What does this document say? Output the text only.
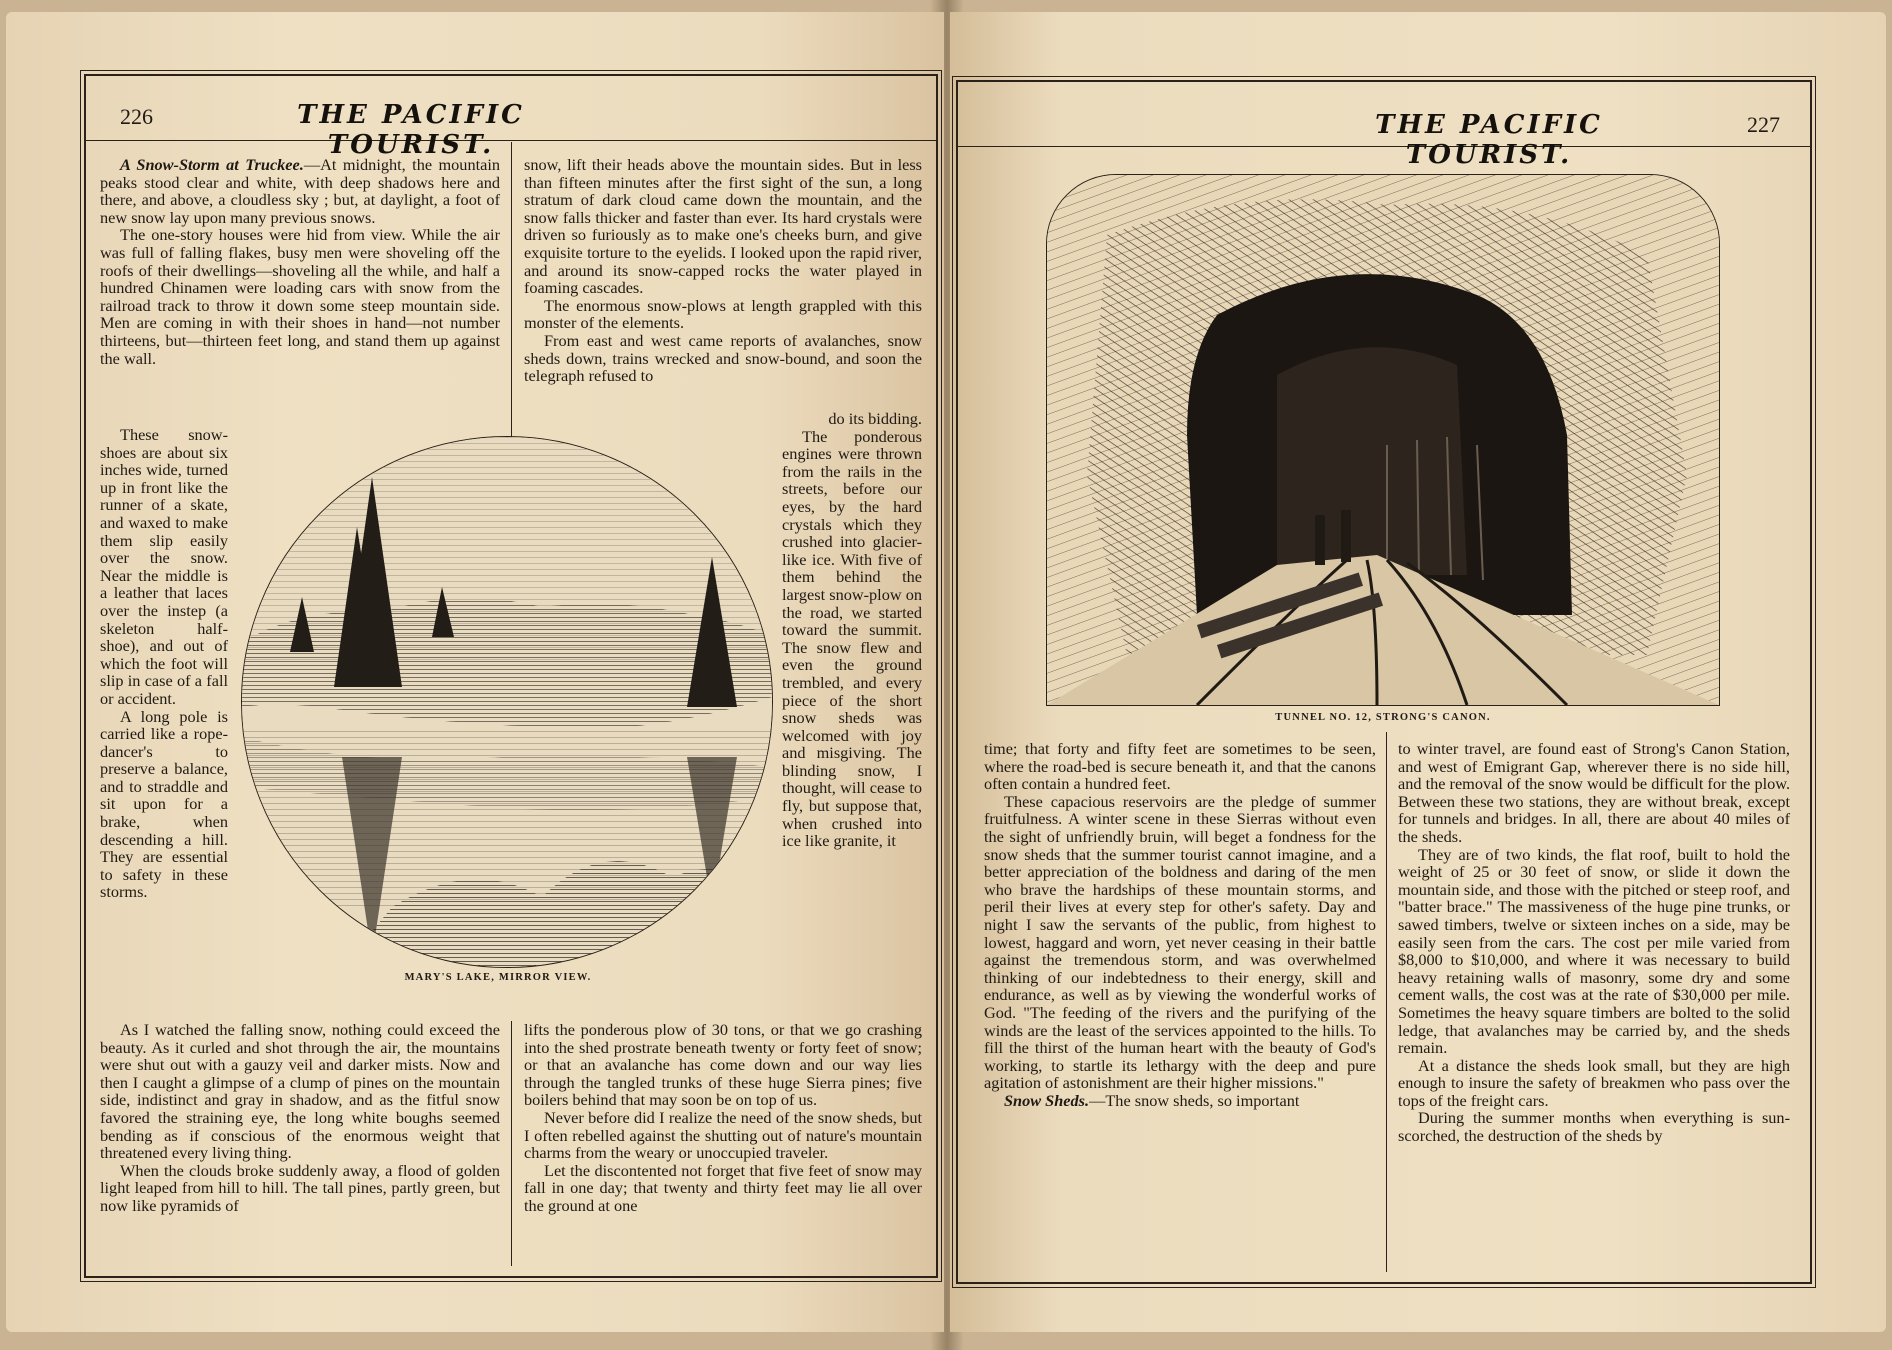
226	THE PACIFIC TOURIST.

A Snow-Storm at Truckee.—At midnight, the mountain peaks stood clear and white, with deep shadows here and there, and above, a cloudless sky ; but, at daylight, a foot of new snow lay upon many previous snows.

The one-story houses were hid from view. While the air was full of falling flakes, busy men were shoveling off the roofs of their dwellings—shoveling all the while, and half a hundred Chinamen were loading cars with snow from the railroad track to throw it down some steep mountain side. Men are coming in with their shoes in hand—not number thirteens, but—thirteen feet long, and stand them up against the wall.

These snow-shoes are about six inches wide, turned up in front like the runner of a skate, and waxed to make them slip easily over the snow. Near the middle is a leather that laces over the instep (a skeleton half-shoe), and out of which the foot will slip in case of a fall or accident.

A long pole is carried like a rope-dancer's to preserve a balance, and to straddle and sit upon for a brake, when descending a hill. They are essential to safety in these storms.

As I watched the falling snow, nothing could exceed the beauty. As it curled and shot through the air, the mountains were shut out with a gauzy veil and darker mists. Now and then I caught a glimpse of a clump of pines on the mountain side, indistinct and gray in shadow, and as the fitful snow favored the straining eye, the long white boughs seemed bending as if conscious of the enormous weight that threatened every living thing.

When the clouds broke suddenly away, a flood of golden light leaped from hill to hill. The tall pines, partly green, but now like pyramids of

snow, lift their heads above the mountain sides. But in less than fifteen minutes after the first sight of the sun, a long stratum of dark cloud came down the mountain, and the snow falls thicker and faster than ever. Its hard crystals were driven so furiously as to make one's cheeks burn, and give exquisite torture to the eyelids. I looked upon the rapid river, and around its snow-capped rocks the water played in foaming cascades.

The enormous snow-plows at length grappled with this monster of the elements.

From east and west came reports of avalanches, snow sheds down, trains wrecked and snow-bound, and soon the telegraph refused to

do its bidding.

The ponderous engines were thrown from the rails in the streets, before our eyes, by the hard crystals which they crushed into glacier-like ice. With five of them behind the largest snow-plow on the road, we started toward the summit. The snow flew and even the ground trembled, and every piece of the short snow sheds was welcomed with joy and misgiving. The blinding snow, I thought, will cease to fly, but suppose that, when crushed into ice like granite, it

lifts the ponderous plow of 30 tons, or that we go crashing into the shed prostrate beneath twenty or forty feet of snow; or that an avalanche has come down and our way lies through the tangled trunks of these huge Sierra pines; five boilers behind that may soon be on top of us.

Never before did I realize the need of the snow sheds, but I often rebelled against the shutting out of nature's mountain charms from the weary or unoccupied traveler.

Let the discontented not forget that five feet of snow may fall in one day; that twenty and thirty feet may lie all over the ground at one

MARY'S LAKE, MIRROR VIEW.
THE PACIFIC TOURIST.
227
TUNNEL NO. 12, STRONG'S CANON.

time; that forty and fifty feet are sometimes to be seen, where the road-bed is secure beneath it, and that the canons often contain a hundred feet.

These capacious reservoirs are the pledge of summer fruitfulness. A winter scene in these Sierras without even the sight of unfriendly bruin, will beget a fondness for the snow sheds that the summer tourist cannot imagine, and a better appreciation of the boldness and daring of the men who brave the hardships of these mountain storms, and peril their lives at every step for other's safety. Day and night I saw the servants of the public, from highest to lowest, haggard and worn, yet never ceasing in their battle against the tremendous storm, and was overwhelmed thinking of our indebtedness to their energy, skill and endurance, as well as by viewing the wonderful works of God. "The feeding of the rivers and the purifying of the winds are the least of the services appointed to the hills. To fill the thirst of the human heart with the beauty of God's working, to startle its lethargy with the deep and pure agitation of astonishment are their higher missions."

Snow Sheds.—The snow sheds, so important

to winter travel, are found east of Strong's Canon Station, and west of Emigrant Gap, wherever there is no side hill, and the removal of the snow would be difficult for the plow. Between these two stations, they are without break, except for tunnels and bridges. In all, there are about 40 miles of the sheds.

They are of two kinds, the flat roof, built to hold the weight of 25 or 30 feet of snow, or slide it down the mountain side, and those with the pitched or steep roof, and "batter brace." The massiveness of the huge pine trunks, or sawed timbers, twelve or sixteen inches on a side, may be easily seen from the cars. The cost per mile varied from $8,000 to $10,000, and where it was necessary to build heavy retaining walls of masonry, some dry and some cement walls, the cost was at the rate of $30,000 per mile. Sometimes the heavy square timbers are bolted to the solid ledge, that avalanches may be carried by, and the sheds remain.

At a distance the sheds look small, but they are high enough to insure the safety of breakmen who pass over the tops of the freight cars.

During the summer months when everything is sun-scorched, the destruction of the sheds by
